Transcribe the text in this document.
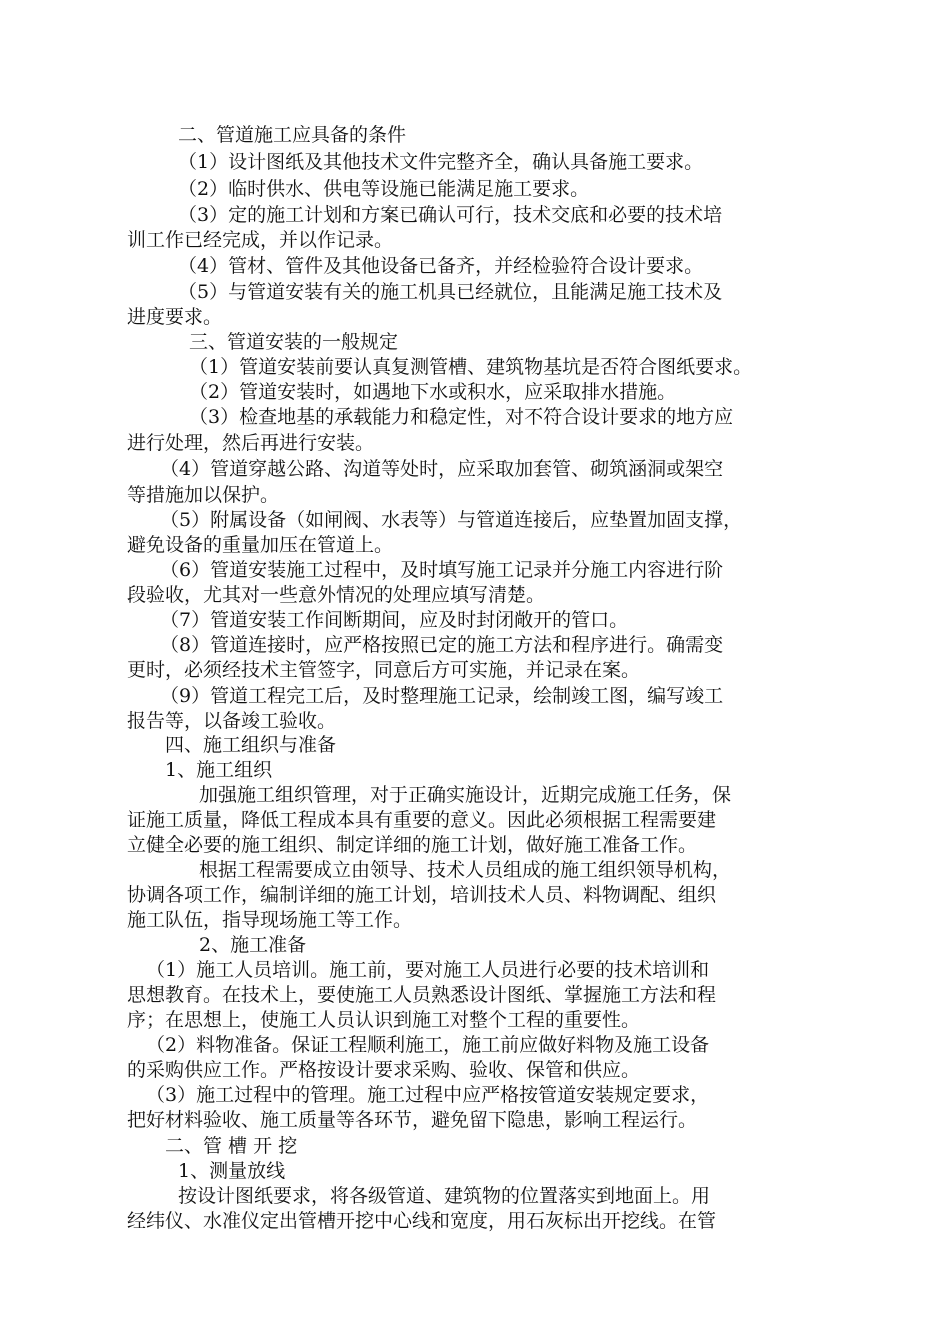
二、管道施工应具备的条件
（1）设计图纸及其他技术文件完整齐全，确认具备施工要求。
（2）临时供水、供电等设施已能满足施工要求。
（3）定的施工计划和方案已确认可行，技术交底和必要的技术培
训工作已经完成，并以作记录。
（4）管材、管件及其他设备已备齐，并经检验符合设计要求。
（5）与管道安装有关的施工机具已经就位，且能满足施工技术及
进度要求。
三、管道安装的一般规定
（1）管道安装前要认真复测管槽、建筑物基坑是否符合图纸要求。
（2）管道安装时，如遇地下水或积水，应采取排水措施。
（3）检查地基的承载能力和稳定性，对不符合设计要求的地方应
进行处理，然后再进行安装。
（4）管道穿越公路、沟道等处时，应采取加套管、砌筑涵洞或架空
等措施加以保护。
（5）附属设备（如闸阀、水表等）与管道连接后，应垫置加固支撑，
避免设备的重量加压在管道上。
（6）管道安装施工过程中，及时填写施工记录并分施工内容进行阶
段验收，尤其对一些意外情况的处理应填写清楚。
（7）管道安装工作间断期间，应及时封闭敞开的管口。
（8）管道连接时，应严格按照已定的施工方法和程序进行。确需变
更时，必须经技术主管签字，同意后方可实施，并记录在案。
（9）管道工程完工后，及时整理施工记录，绘制竣工图，编写竣工
报告等，以备竣工验收。
四、施工组织与准备
1、施工组织
加强施工组织管理，对于正确实施设计，近期完成施工任务，保
证施工质量，降低工程成本具有重要的意义。因此必须根据工程需要建
立健全必要的施工组织、制定详细的施工计划，做好施工准备工作。
根据工程需要成立由领导、技术人员组成的施工组织领导机构，
协调各项工作，编制详细的施工计划，培训技术人员、料物调配、组织
施工队伍，指导现场施工等工作。
2、施工准备
（1）施工人员培训。施工前，要对施工人员进行必要的技术培训和
思想教育。在技术上，要使施工人员熟悉设计图纸、掌握施工方法和程
序；在思想上，使施工人员认识到施工对整个工程的重要性。
（2）料物准备。保证工程顺利施工，施工前应做好料物及施工设备
的采购供应工作。严格按设计要求采购、验收、保管和供应。
（3）施工过程中的管理。施工过程中应严格按管道安装规定要求，
把好材料验收、施工质量等各环节，避免留下隐患，影响工程运行。
二、管 槽 开 挖
1、测量放线
按设计图纸要求，将各级管道、建筑物的位置落实到地面上。用
经纬仪、水准仪定出管槽开挖中心线和宽度，用石灰标出开挖线。在管
